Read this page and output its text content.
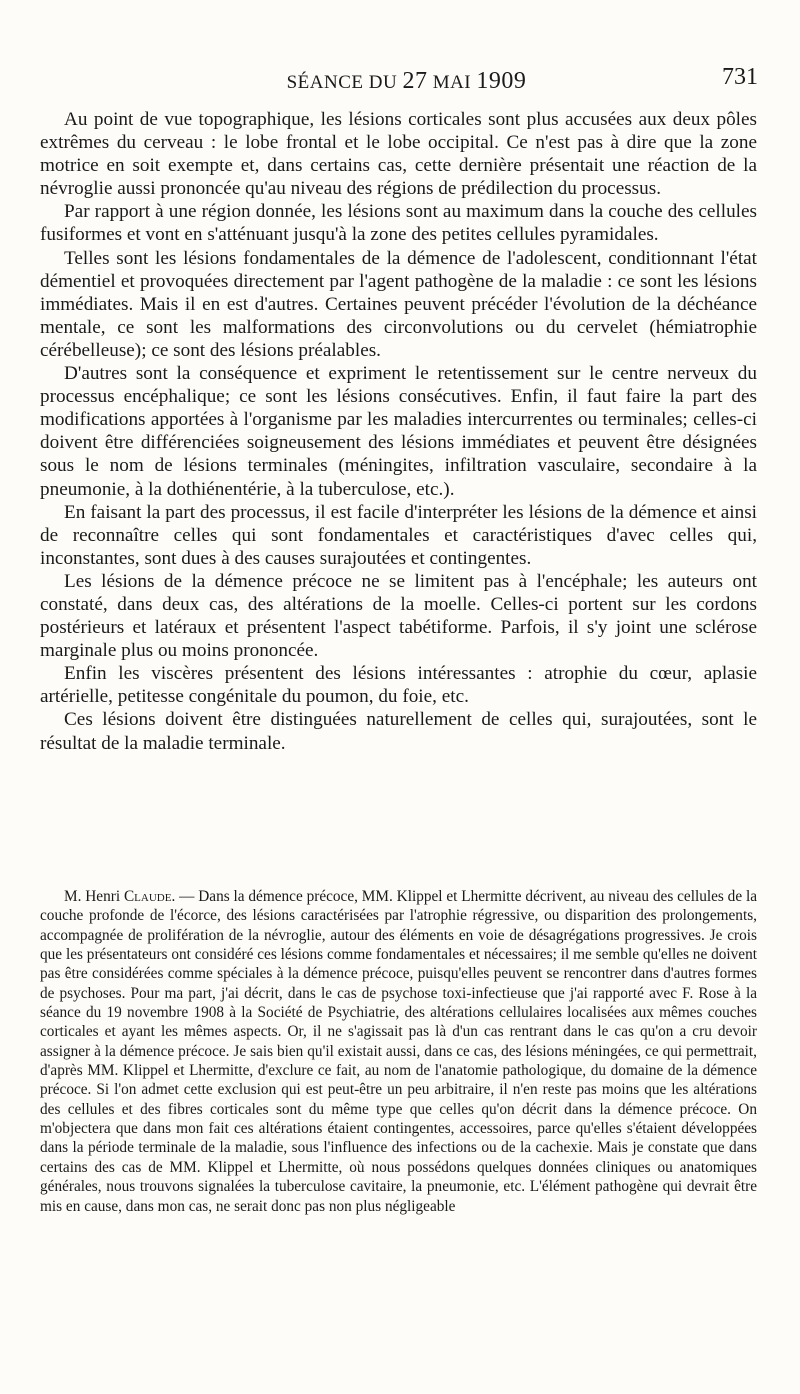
SÉANCE DU 27 MAI 1909	731

Au point de vue topographique, les lésions corticales sont plus accusées aux deux pôles extrêmes du cerveau : le lobe frontal et le lobe occipital. Ce n'est pas à dire que la zone motrice en soit exempte et, dans certains cas, cette dernière présentait une réaction de la névroglie aussi prononcée qu'au niveau des régions de prédilection du processus.

Par rapport à une région donnée, les lésions sont au maximum dans la couche des cellules fusiformes et vont en s'atténuant jusqu'à la zone des petites cellules pyramidales.

Telles sont les lésions fondamentales de la démence de l'adolescent, conditionnant l'état démentiel et provoquées directement par l'agent pathogène de la maladie : ce sont les lésions immédiates. Mais il en est d'autres. Certaines peuvent précéder l'évolution de la déchéance mentale, ce sont les malformations des circonvolutions ou du cervelet (hémiatrophie cérébelleuse); ce sont des lésions préalables.

D'autres sont la conséquence et expriment le retentissement sur le centre nerveux du processus encéphalique; ce sont les lésions consécutives. Enfin, il faut faire la part des modifications apportées à l'organisme par les maladies intercurrentes ou terminales; celles-ci doivent être différenciées soigneusement des lésions immédiates et peuvent être désignées sous le nom de lésions terminales (méningites, infiltration vasculaire, secondaire à la pneumonie, à la dothiénentérie, à la tuberculose, etc.).

En faisant la part des processus, il est facile d'interpréter les lésions de la démence et ainsi de reconnaître celles qui sont fondamentales et caractéristiques d'avec celles qui, inconstantes, sont dues à des causes surajoutées et contingentes.

Les lésions de la démence précoce ne se limitent pas à l'encéphale; les auteurs ont constaté, dans deux cas, des altérations de la moelle. Celles-ci portent sur les cordons postérieurs et latéraux et présentent l'aspect tabétiforme. Parfois, il s'y joint une sclérose marginale plus ou moins prononcée.

Enfin les viscères présentent des lésions intéressantes : atrophie du cœur, aplasie artérielle, petitesse congénitale du poumon, du foie, etc.

Ces lésions doivent être distinguées naturellement de celles qui, surajoutées, sont le résultat de la maladie terminale.

M. Henri Claude. — Dans la démence précoce, MM. Klippel et Lhermitte décrivent, au niveau des cellules de la couche profonde de l'écorce, des lésions caractérisées par l'atrophie régressive, ou disparition des prolongements, accompagnée de prolifération de la névroglie, autour des éléments en voie de désagrégations progressives. Je crois que les présentateurs ont considéré ces lésions comme fondamentales et nécessaires; il me semble qu'elles ne doivent pas être considérées comme spéciales à la démence précoce, puisqu'elles peuvent se rencontrer dans d'autres formes de psychoses. Pour ma part, j'ai décrit, dans le cas de psychose toxi-infectieuse que j'ai rapporté avec F. Rose à la séance du 19 novembre 1908 à la Société de Psychiatrie, des altérations cellulaires localisées aux mêmes couches corticales et ayant les mêmes aspects. Or, il ne s'agissait pas là d'un cas rentrant dans le cas qu'on a cru devoir assigner à la démence précoce. Je sais bien qu'il existait aussi, dans ce cas, des lésions méningées, ce qui permettrait, d'après MM. Klippel et Lhermitte, d'exclure ce fait, au nom de l'anatomie pathologique, du domaine de la démence précoce. Si l'on admet cette exclusion qui est peut-être un peu arbitraire, il n'en reste pas moins que les altérations des cellules et des fibres corticales sont du même type que celles qu'on décrit dans la démence précoce. On m'objectera que dans mon fait ces altérations étaient contingentes, accessoires, parce qu'elles s'étaient développées dans la période terminale de la maladie, sous l'influence des infections ou de la cachexie. Mais je constate que dans certains des cas de MM. Klippel et Lhermitte, où nous possédons quelques données cliniques ou anatomiques générales, nous trouvons signalées la tuberculose cavitaire, la pneumonie, etc. L'élément pathogène qui devrait être mis en cause, dans mon cas, ne serait donc pas non plus négligeable
